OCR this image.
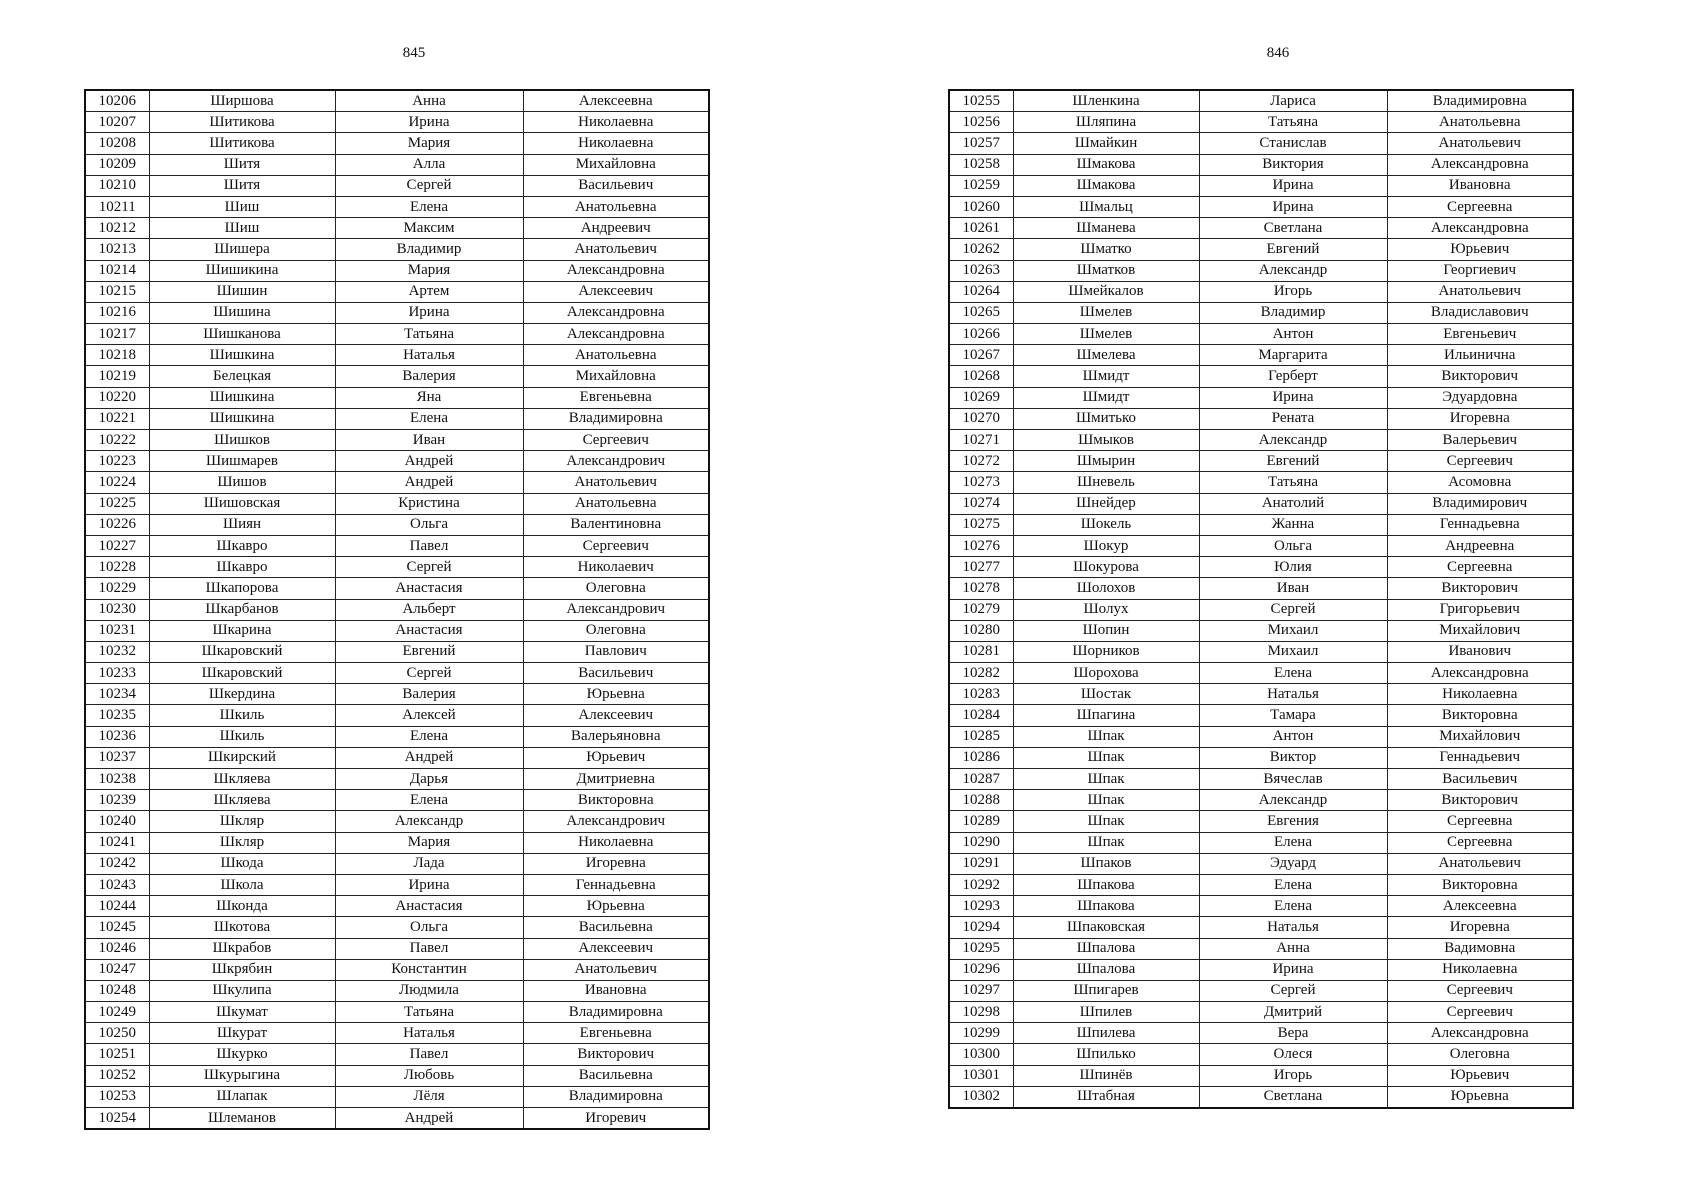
845
10206	Ширшова	Анна	Алексеевна
10207	Шитикова	Ирина	Николаевна
10208	Шитикова	Мария	Николаевна
10209	Шитя	Алла	Михайловна
10210	Шитя	Сергей	Васильевич
10211	Шиш	Елена	Анатольевна
10212	Шиш	Максим	Андреевич
10213	Шишера	Владимир	Анатольевич
10214	Шишикина	Мария	Александровна
10215	Шишин	Артем	Алексеевич
10216	Шишина	Ирина	Александровна
10217	Шишканова	Татьяна	Александровна
10218	Шишкина	Наталья	Анатольевна
10219	Белецкая	Валерия	Михайловна
10220	Шишкина	Яна	Евгеньевна
10221	Шишкина	Елена	Владимировна
10222	Шишков	Иван	Сергеевич
10223	Шишмарев	Андрей	Александрович
10224	Шишов	Андрей	Анатольевич
10225	Шишовская	Кристина	Анатольевна
10226	Шиян	Ольга	Валентиновна
10227	Шкавро	Павел	Сергеевич
10228	Шкавро	Сергей	Николаевич
10229	Шкапорова	Анастасия	Олеговна
10230	Шкарбанов	Альберт	Александрович
10231	Шкарина	Анастасия	Олеговна
10232	Шкаровский	Евгений	Павлович
10233	Шкаровский	Сергей	Васильевич
10234	Шкердина	Валерия	Юрьевна
10235	Шкиль	Алексей	Алексеевич
10236	Шкиль	Елена	Валерьяновна
10237	Шкирский	Андрей	Юрьевич
10238	Шкляева	Дарья	Дмитриевна
10239	Шкляева	Елена	Викторовна
10240	Шкляр	Александр	Александрович
10241	Шкляр	Мария	Николаевна
10242	Шкода	Лада	Игоревна
10243	Школа	Ирина	Геннадьевна
10244	Шконда	Анастасия	Юрьевна
10245	Шкотова	Ольга	Васильевна
10246	Шкрабов	Павел	Алексеевич
10247	Шкрябин	Константин	Анатольевич
10248	Шкулипа	Людмила	Ивановна
10249	Шкумат	Татьяна	Владимировна
10250	Шкурат	Наталья	Евгеньевна
10251	Шкурко	Павел	Викторович
10252	Шкурыгина	Любовь	Васильевна
10253	Шлапак	Лёля	Владимировна
10254	Шлеманов	Андрей	Игоревич
846
10255	Шленкина	Лариса	Владимировна
10256	Шляпина	Татьяна	Анатольевна
10257	Шмайкин	Станислав	Анатольевич
10258	Шмакова	Виктория	Александровна
10259	Шмакова	Ирина	Ивановна
10260	Шмальц	Ирина	Сергеевна
10261	Шманева	Светлана	Александровна
10262	Шматко	Евгений	Юрьевич
10263	Шматков	Александр	Георгиевич
10264	Шмейкалов	Игорь	Анатольевич
10265	Шмелев	Владимир	Владиславович
10266	Шмелев	Антон	Евгеньевич
10267	Шмелева	Маргарита	Ильинична
10268	Шмидт	Герберт	Викторович
10269	Шмидт	Ирина	Эдуардовна
10270	Шмитько	Рената	Игоревна
10271	Шмыков	Александр	Валерьевич
10272	Шмырин	Евгений	Сергеевич
10273	Шневель	Татьяна	Асомовна
10274	Шнейдер	Анатолий	Владимирович
10275	Шокель	Жанна	Геннадьевна
10276	Шокур	Ольга	Андреевна
10277	Шокурова	Юлия	Сергеевна
10278	Шолохов	Иван	Викторович
10279	Шолух	Сергей	Григорьевич
10280	Шопин	Михаил	Михайлович
10281	Шорников	Михаил	Иванович
10282	Шорохова	Елена	Александровна
10283	Шостак	Наталья	Николаевна
10284	Шпагина	Тамара	Викторовна
10285	Шпак	Антон	Михайлович
10286	Шпак	Виктор	Геннадьевич
10287	Шпак	Вячеслав	Васильевич
10288	Шпак	Александр	Викторович
10289	Шпак	Евгения	Сергеевна
10290	Шпак	Елена	Сергеевна
10291	Шпаков	Эдуард	Анатольевич
10292	Шпакова	Елена	Викторовна
10293	Шпакова	Елена	Алексеевна
10294	Шпаковская	Наталья	Игоревна
10295	Шпалова	Анна	Вадимовна
10296	Шпалова	Ирина	Николаевна
10297	Шпигарев	Сергей	Сергеевич
10298	Шпилев	Дмитрий	Сергеевич
10299	Шпилева	Вера	Александровна
10300	Шпилько	Олеся	Олеговна
10301	Шпинёв	Игорь	Юрьевич
10302	Штабная	Светлана	Юрьевна
